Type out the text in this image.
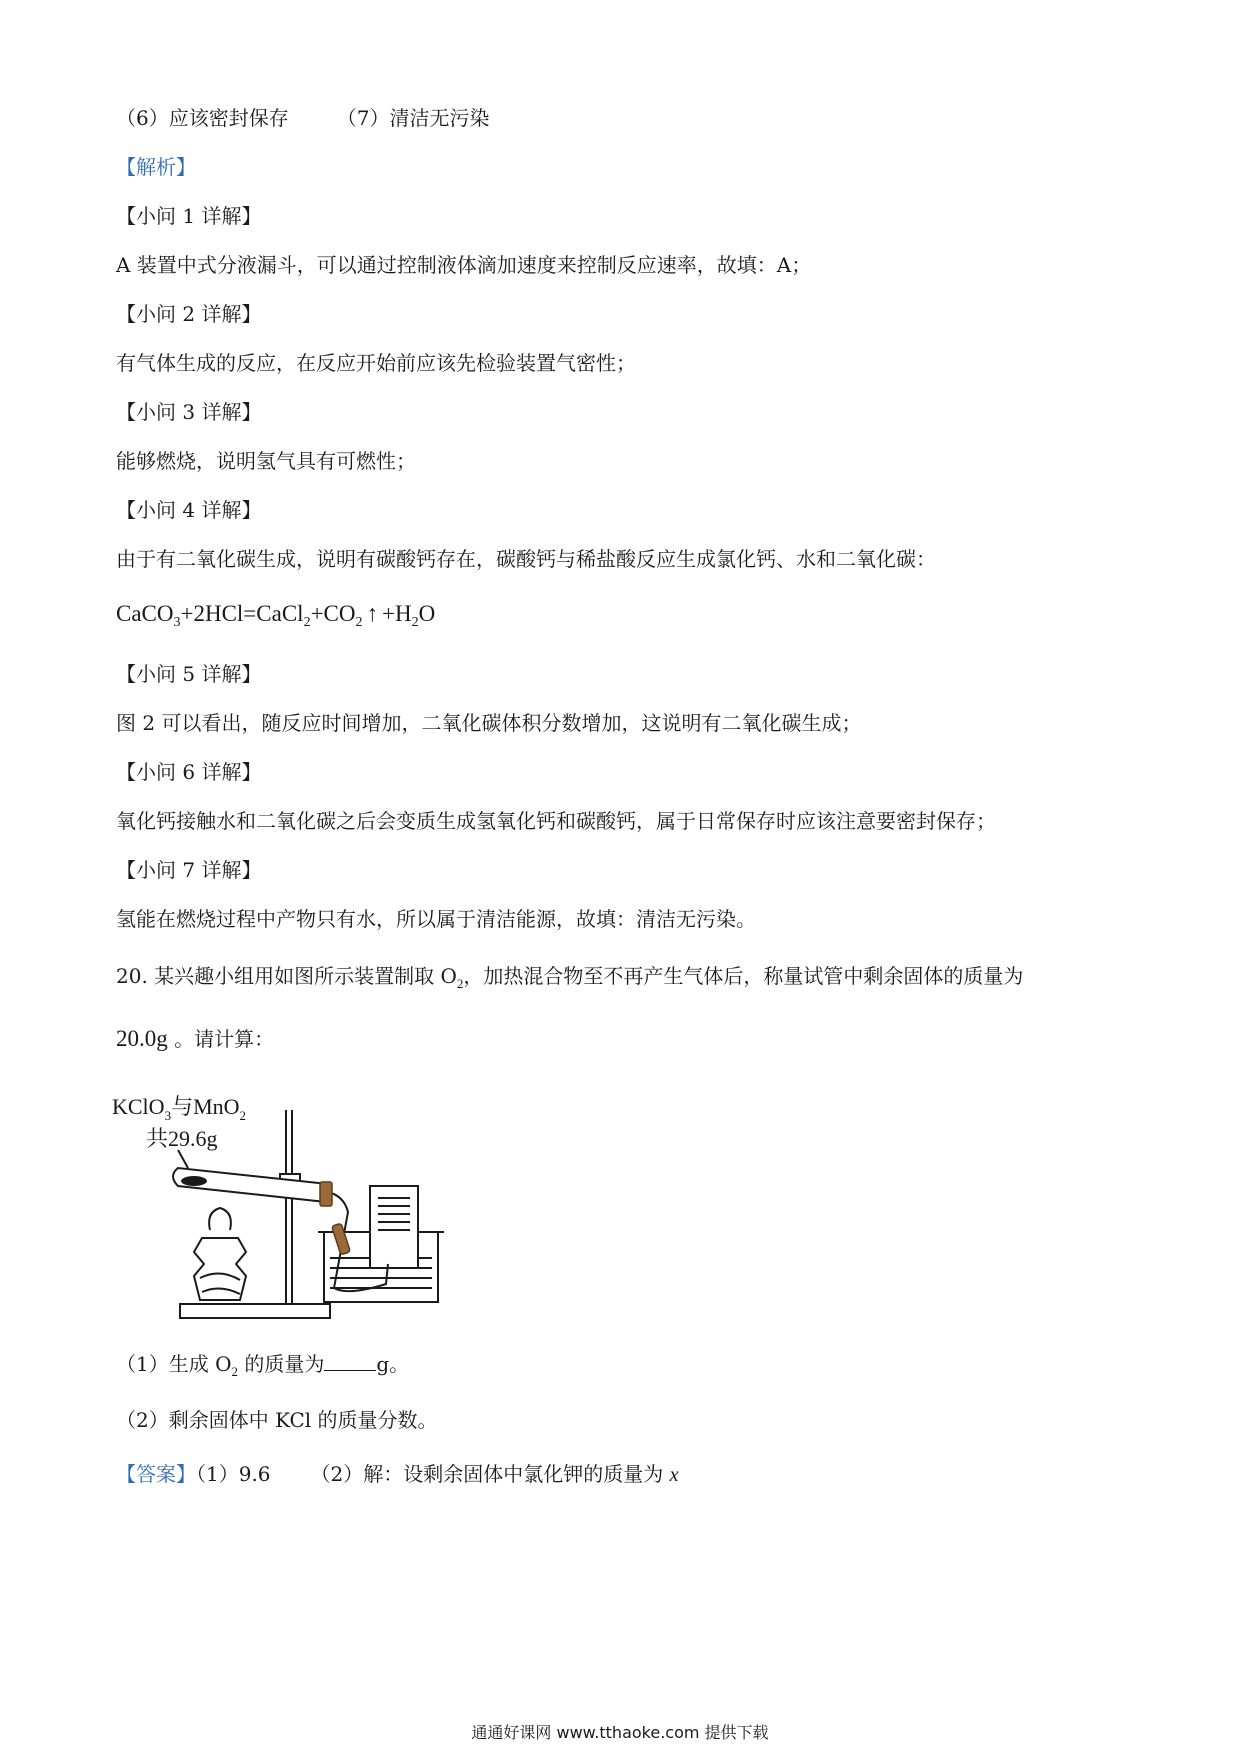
（6）应该密封保存 （7）清洁无污染
【解析】
【小问 1 详解】
A 装置中式分液漏斗，可以通过控制液体滴加速度来控制反应速率，故填：A；
【小问 2 详解】
有气体生成的反应，在反应开始前应该先检验装置气密性；
【小问 3 详解】
能够燃烧，说明氢气具有可燃性；
【小问 4 详解】
由于有二氧化碳生成，说明有碳酸钙存在，碳酸钙与稀盐酸反应生成氯化钙、水和二氧化碳：
$CaCO_3+2HCl=CaCl_2+CO_2$ ↑ $+H_2O$
【小问 5 详解】
图 2 可以看出，随反应时间增加，二氧化碳体积分数增加，这说明有二氧化碳生成；
【小问 6 详解】
氧化钙接触水和二氧化碳之后会变质生成氢氧化钙和碳酸钙，属于日常保存时应该注意要密封保存；
【小问 7 详解】
氢能在燃烧过程中产物只有水，所以属于清洁能源，故填：清洁无污染。
20. 某兴趣小组用如图所示装置制取 $O_2$，加热混合物至不再产生气体后，称量试管中剩余固体的质量为
20.0g 。请计算：
KClO$_3$与MnO$_2$
共29.6g
（1）生成 $O_2$ 的质量为	g。
（2）剩余固体中 KCl 的质量分数。
【答案】（1）9.6 （2）解：设剩余固体中氯化钾的质量为 x
通通好课网 www.tthaoke.com 提供下载
